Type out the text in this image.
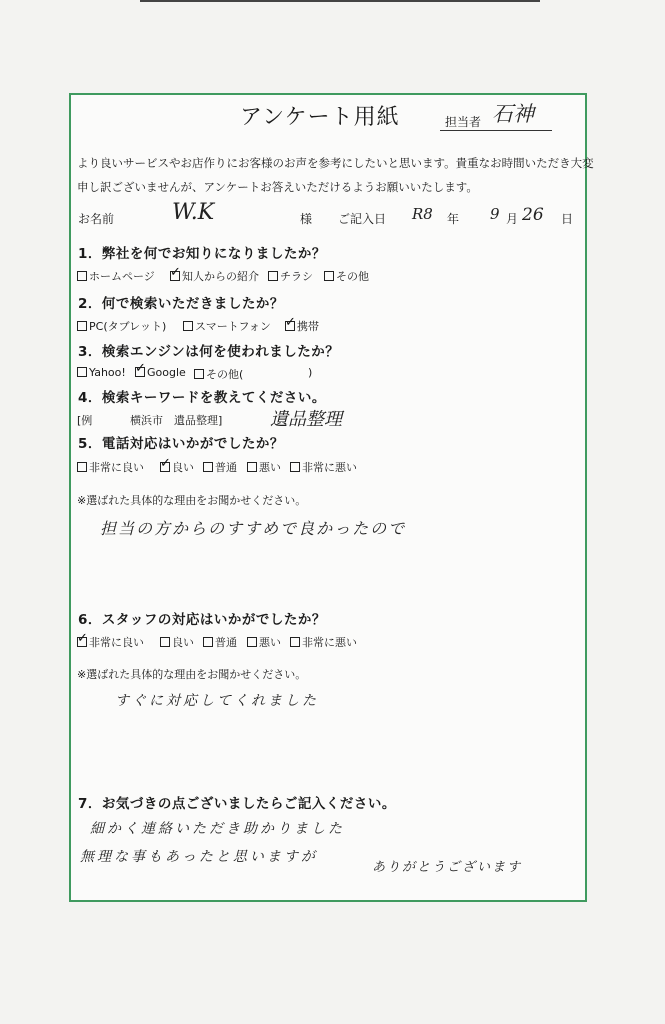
アンケート用紙	担当者 石神
より良いサービスやお店作りにお客様のお声を参考にしたいと思います。貴重なお時間いただき大変
申し訳ございませんが、アンケートお答えいただけるようお願いいたします。
お名前	W.K	様 ご記入日 R8 年 9 月 26 日
1．弊社を何でお知りになりましたか？
ホームページ ✓	知人からの紹介	チラシ	その他
2．何で検索いただきましたか？
PC(タブレット)	スマートフォン ✓	携帯
3．検索エンジンは何を使われましたか？
Yahoo! ✓	Google	その他(	)
4．検索キーワードを教えてください。
[例	横浜市 遺品整理]	遺品整理
5．電話対応はいかがでしたか？
非常に良い ✓	良い	普通	悪い	非常に悪い
※選ばれた具体的な理由をお聞かせください。
担当の方からのすすめで良かったので
6．スタッフの対応はいかがでしたか？
✓非常に良い	良い	普通	悪い	非常に悪い
※選ばれた具体的な理由をお聞かせください。
すぐに対応してくれました
7．お気づきの点ございましたらご記入ください。
細かく連絡いただき助かりました
無理な事もあったと思いますが
ありがとうございます
